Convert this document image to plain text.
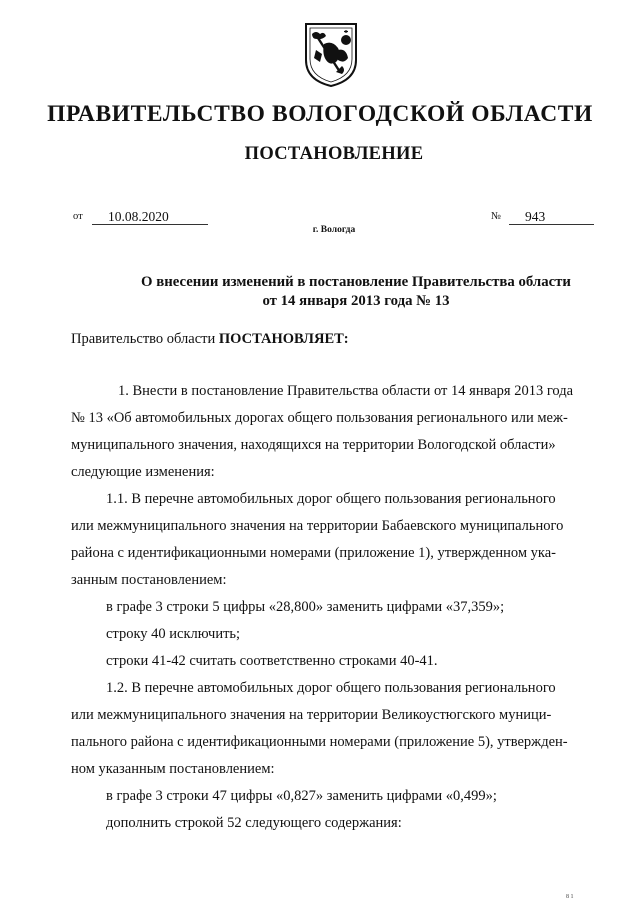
ПРАВИТЕЛЬСТВО ВОЛОГОДСКОЙ ОБЛАСТИ
ПОСТАНОВЛЕНИЕ
от	10.08.2020	№	943
г. Вологда
О внесении изменений в постановление Правительства области
от 14 января 2013 года № 13
Правительство области ПОСТАНОВЛЯЕТ:
1. Внести в постановление Правительства области от 14 января 2013 года
№ 13 «Об автомобильных дорогах общего пользования регионального или меж-
муниципального значения, находящихся на территории Вологодской области»
следующие изменения:
1.1. В перечне автомобильных дорог общего пользования регионального
или межмуниципального значения на территории Бабаевского муниципального
района с идентификационными номерами (приложение 1), утвержденном ука-
занным постановлением:
в графе 3 строки 5 цифры «28,800» заменить цифрами «37,359»;
строку 40 исключить;
строки 41-42 считать соответственно строками 40-41.
1.2. В перечне автомобильных дорог общего пользования регионального
или межмуниципального значения на территории Великоустюгского муници-
пального района с идентификационными номерами (приложение 5), утвержден-
ном указанным постановлением:
в графе 3 строки 47 цифры «0,827» заменить цифрами «0,499»;
дополнить строкой 52 следующего содержания:
8 1
